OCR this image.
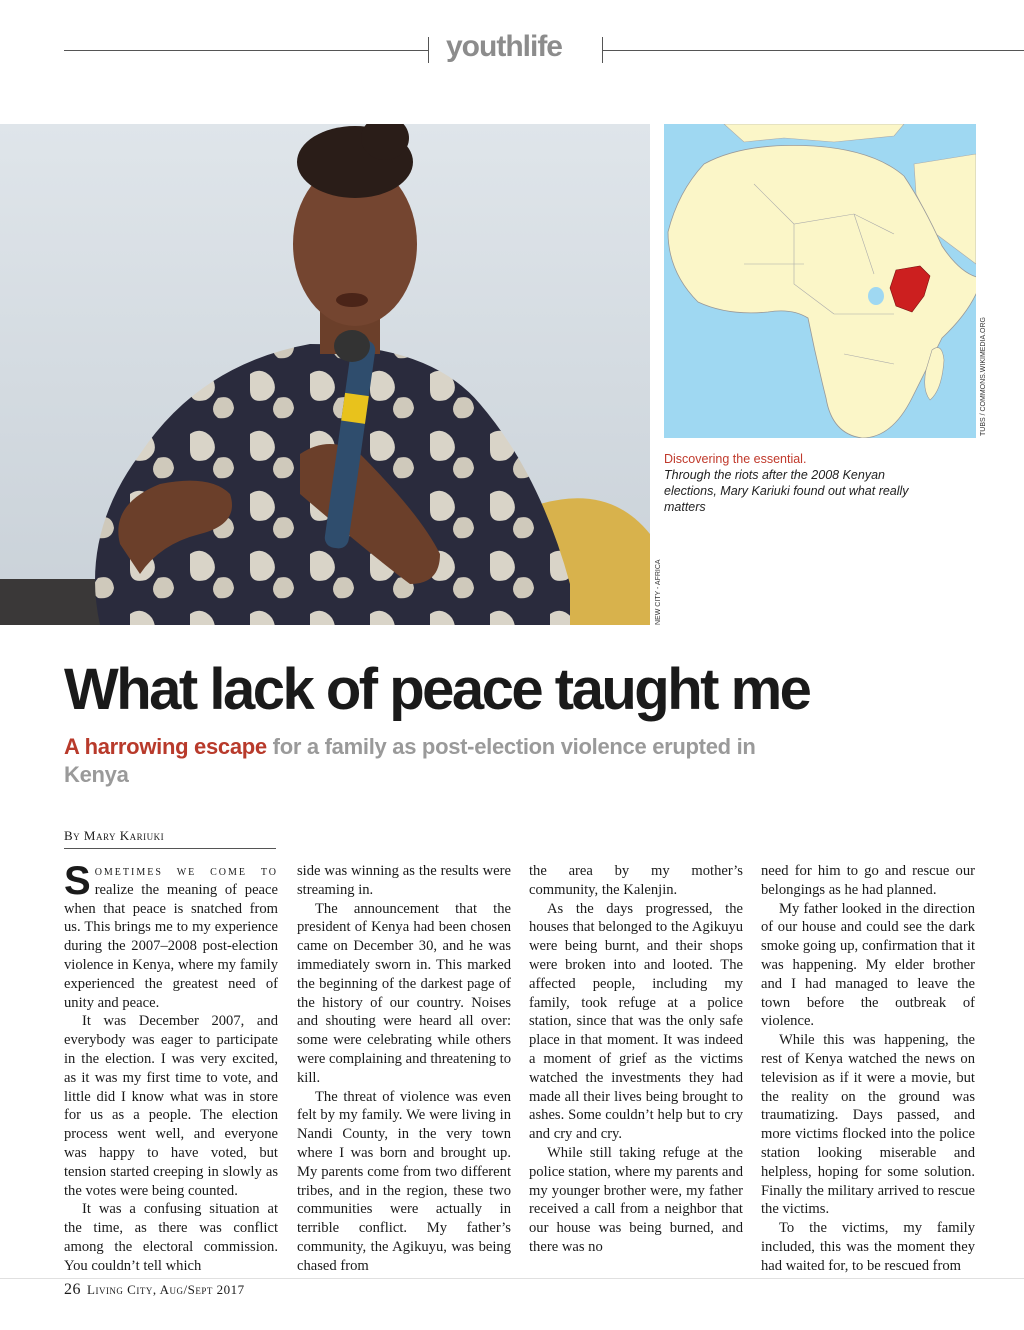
youthlife
NEW CITY - AFRICA
TUBS / COMMONS.WIKIMEDIA.ORG
Discovering the essential.
Through the riots after the 2008 Kenyan elections, Mary Kariuki found out what really matters
What lack of peace taught me
A harrowing escape for a family as post-election violence erupted in Kenya
By Mary Kariuki

Sometimes we come to realize the meaning of peace when that peace is snatched from us. This brings me to my experience during the 2007–2008 post-election violence in Kenya, where my family experienced the greatest need of unity and peace.

It was December 2007, and everybody was eager to participate in the election. I was very excited, as it was my first time to vote, and little did I know what was in store for us as a people. The election process went well, and everyone was happy to have voted, but tension started creeping in slowly as the votes were being counted.

It was a confusing situation at the time, as there was conflict among the electoral commission. You couldn’t tell which

side was winning as the results were streaming in.

The announcement that the president of Kenya had been chosen came on December 30, and he was immediately sworn in. This marked the beginning of the darkest page of the history of our country. Noises and shouting were heard all over: some were celebrating while others were complaining and threatening to kill.

The threat of violence was even felt by my family. We were living in Nandi County, in the very town where I was born and brought up. My parents come from two different tribes, and in the region, these two communities were actually in terrible conflict. My father’s community, the Agikuyu, was being chased from

the area by my mother’s community, the Kalenjin.

As the days progressed, the houses that belonged to the Agikuyu were being burnt, and their shops were broken into and looted. The affected people, including my family, took refuge at a police station, since that was the only safe place in that moment. It was indeed a moment of grief as the victims watched the investments they had made all their lives being brought to ashes. Some couldn’t help but to cry and cry and cry.

While still taking refuge at the police station, where my parents and my younger brother were, my father received a call from a neighbor that our house was being burned, and there was no

need for him to go and rescue our belongings as he had planned.

My father looked in the direction of our house and could see the dark smoke going up, confirmation that it was happening. My elder brother and I had managed to leave the town before the outbreak of violence.

While this was happening, the rest of Kenya watched the news on television as if it were a movie, but the reality on the ground was traumatizing. Days passed, and more victims flocked into the police station looking miserable and helpless, hoping for some solution. Finally the military arrived to rescue the victims.

To the victims, my family included, this was the moment they had waited for, to be rescued from

26 Living City, Aug/Sept 2017
